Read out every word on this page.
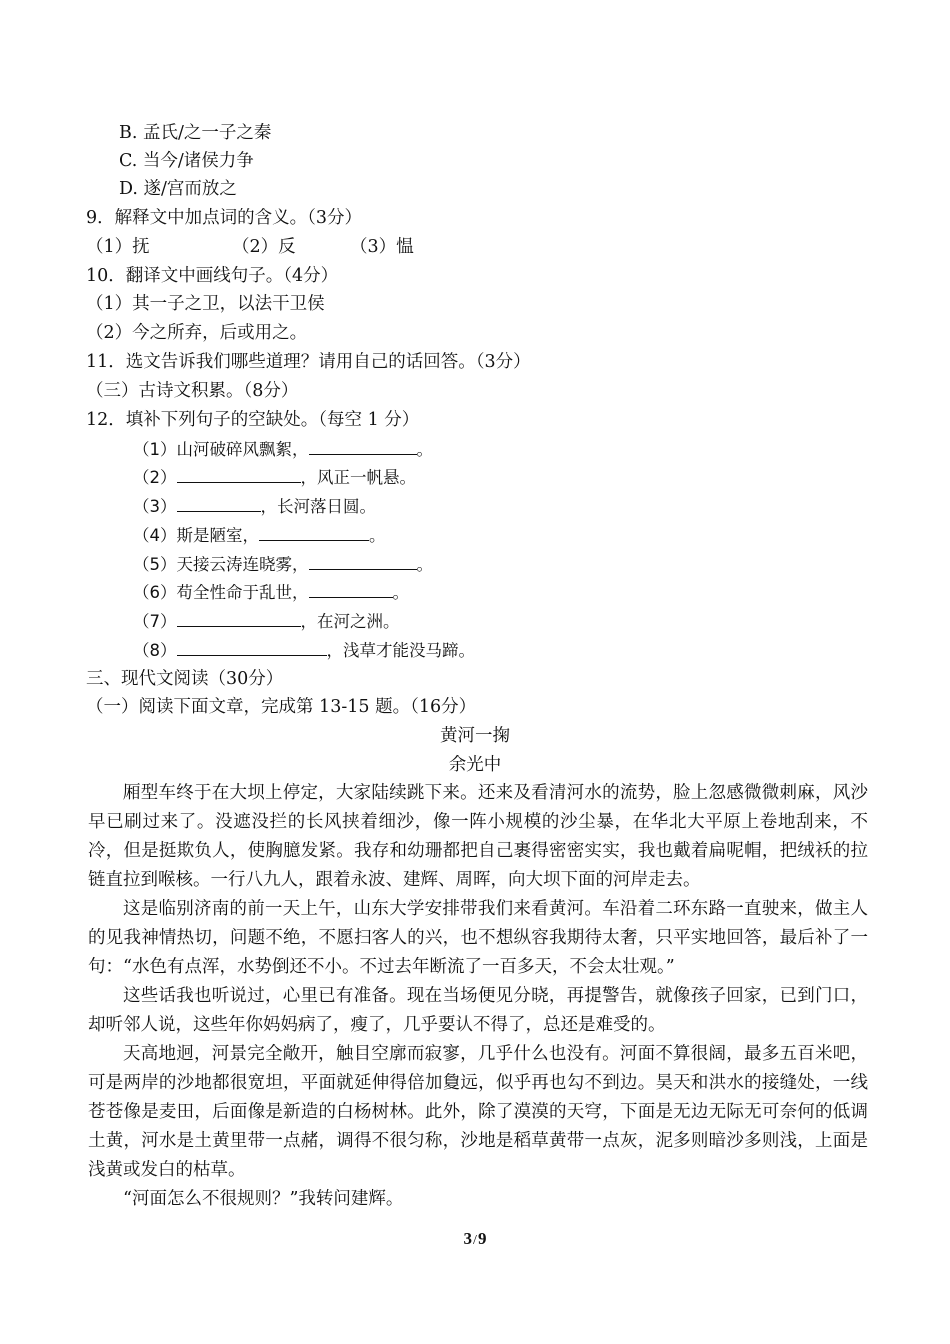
B. 孟氏/之一子之秦
C. 当今/诸侯力争
D. 遂/宫而放之
9．解释文中加点词的含义。（3分）
（1）抚	（2）反	（3）愠
10．翻译文中画线句子。（4分）
（1）其一子之卫，以法干卫侯
（2）今之所弃，后或用之。
11．选文告诉我们哪些道理？请用自己的话回答。（3分）
（三）古诗文积累。（8分）
12．填补下列句子的空缺处。（每空 1 分）
（1）山河破碎风飘絮，	。
（2）	，风正一帆悬。
（3）	，长河落日圆。
（4）斯是陋室，	。
（5）天接云涛连晓雾，	。
（6）苟全性命于乱世，	。
（7）	，在河之洲。
（8）	，浅草才能没马蹄。
三、现代文阅读（30分）
（一）阅读下面文章，完成第 13-15 题。（16分）
黄河一掬
余光中
厢型车终于在大坝上停定，大家陆续跳下来。还来及看清河水的流势，脸上忽感微微刺麻，风沙早已刷过来了。没遮没拦的长风挟着细沙，像一阵小规模的沙尘暴，在华北大平原上卷地刮来，不冷，但是挺欺负人，使胸臆发紧。我存和幼珊都把自己裹得密密实实，我也戴着扁呢帽，把绒袄的拉链直拉到喉核。一行八九人，跟着永波、建辉、周晖，向大坝下面的河岸走去。
这是临别济南的前一天上午，山东大学安排带我们来看黄河。车沿着二环东路一直驶来，做主人的见我神情热切，问题不绝，不愿扫客人的兴，也不想纵容我期待太奢，只平实地回答，最后补了一句：“水色有点浑，水势倒还不小。不过去年断流了一百多天，不会太壮观。”
这些话我也听说过，心里已有准备。现在当场便见分晓，再提警告，就像孩子回家，已到门口，却听邻人说，这些年你妈妈病了，瘦了，几乎要认不得了，总还是难受的。
天高地迥，河景完全敞开，触目空廓而寂寥，几乎什么也没有。河面不算很阔，最多五百米吧，可是两岸的沙地都很宽坦，平面就延伸得倍加敻远，似乎再也勾不到边。昊天和洪水的接缝处，一线苍苍像是麦田，后面像是新造的白杨树林。此外，除了漠漠的天穹，下面是无边无际无可奈何的低调土黄，河水是土黄里带一点赭，调得不很匀称，沙地是稻草黄带一点灰，泥多则暗沙多则浅，上面是浅黄或发白的枯草。
“河面怎么不很规则？”我转问建辉。
3/9
